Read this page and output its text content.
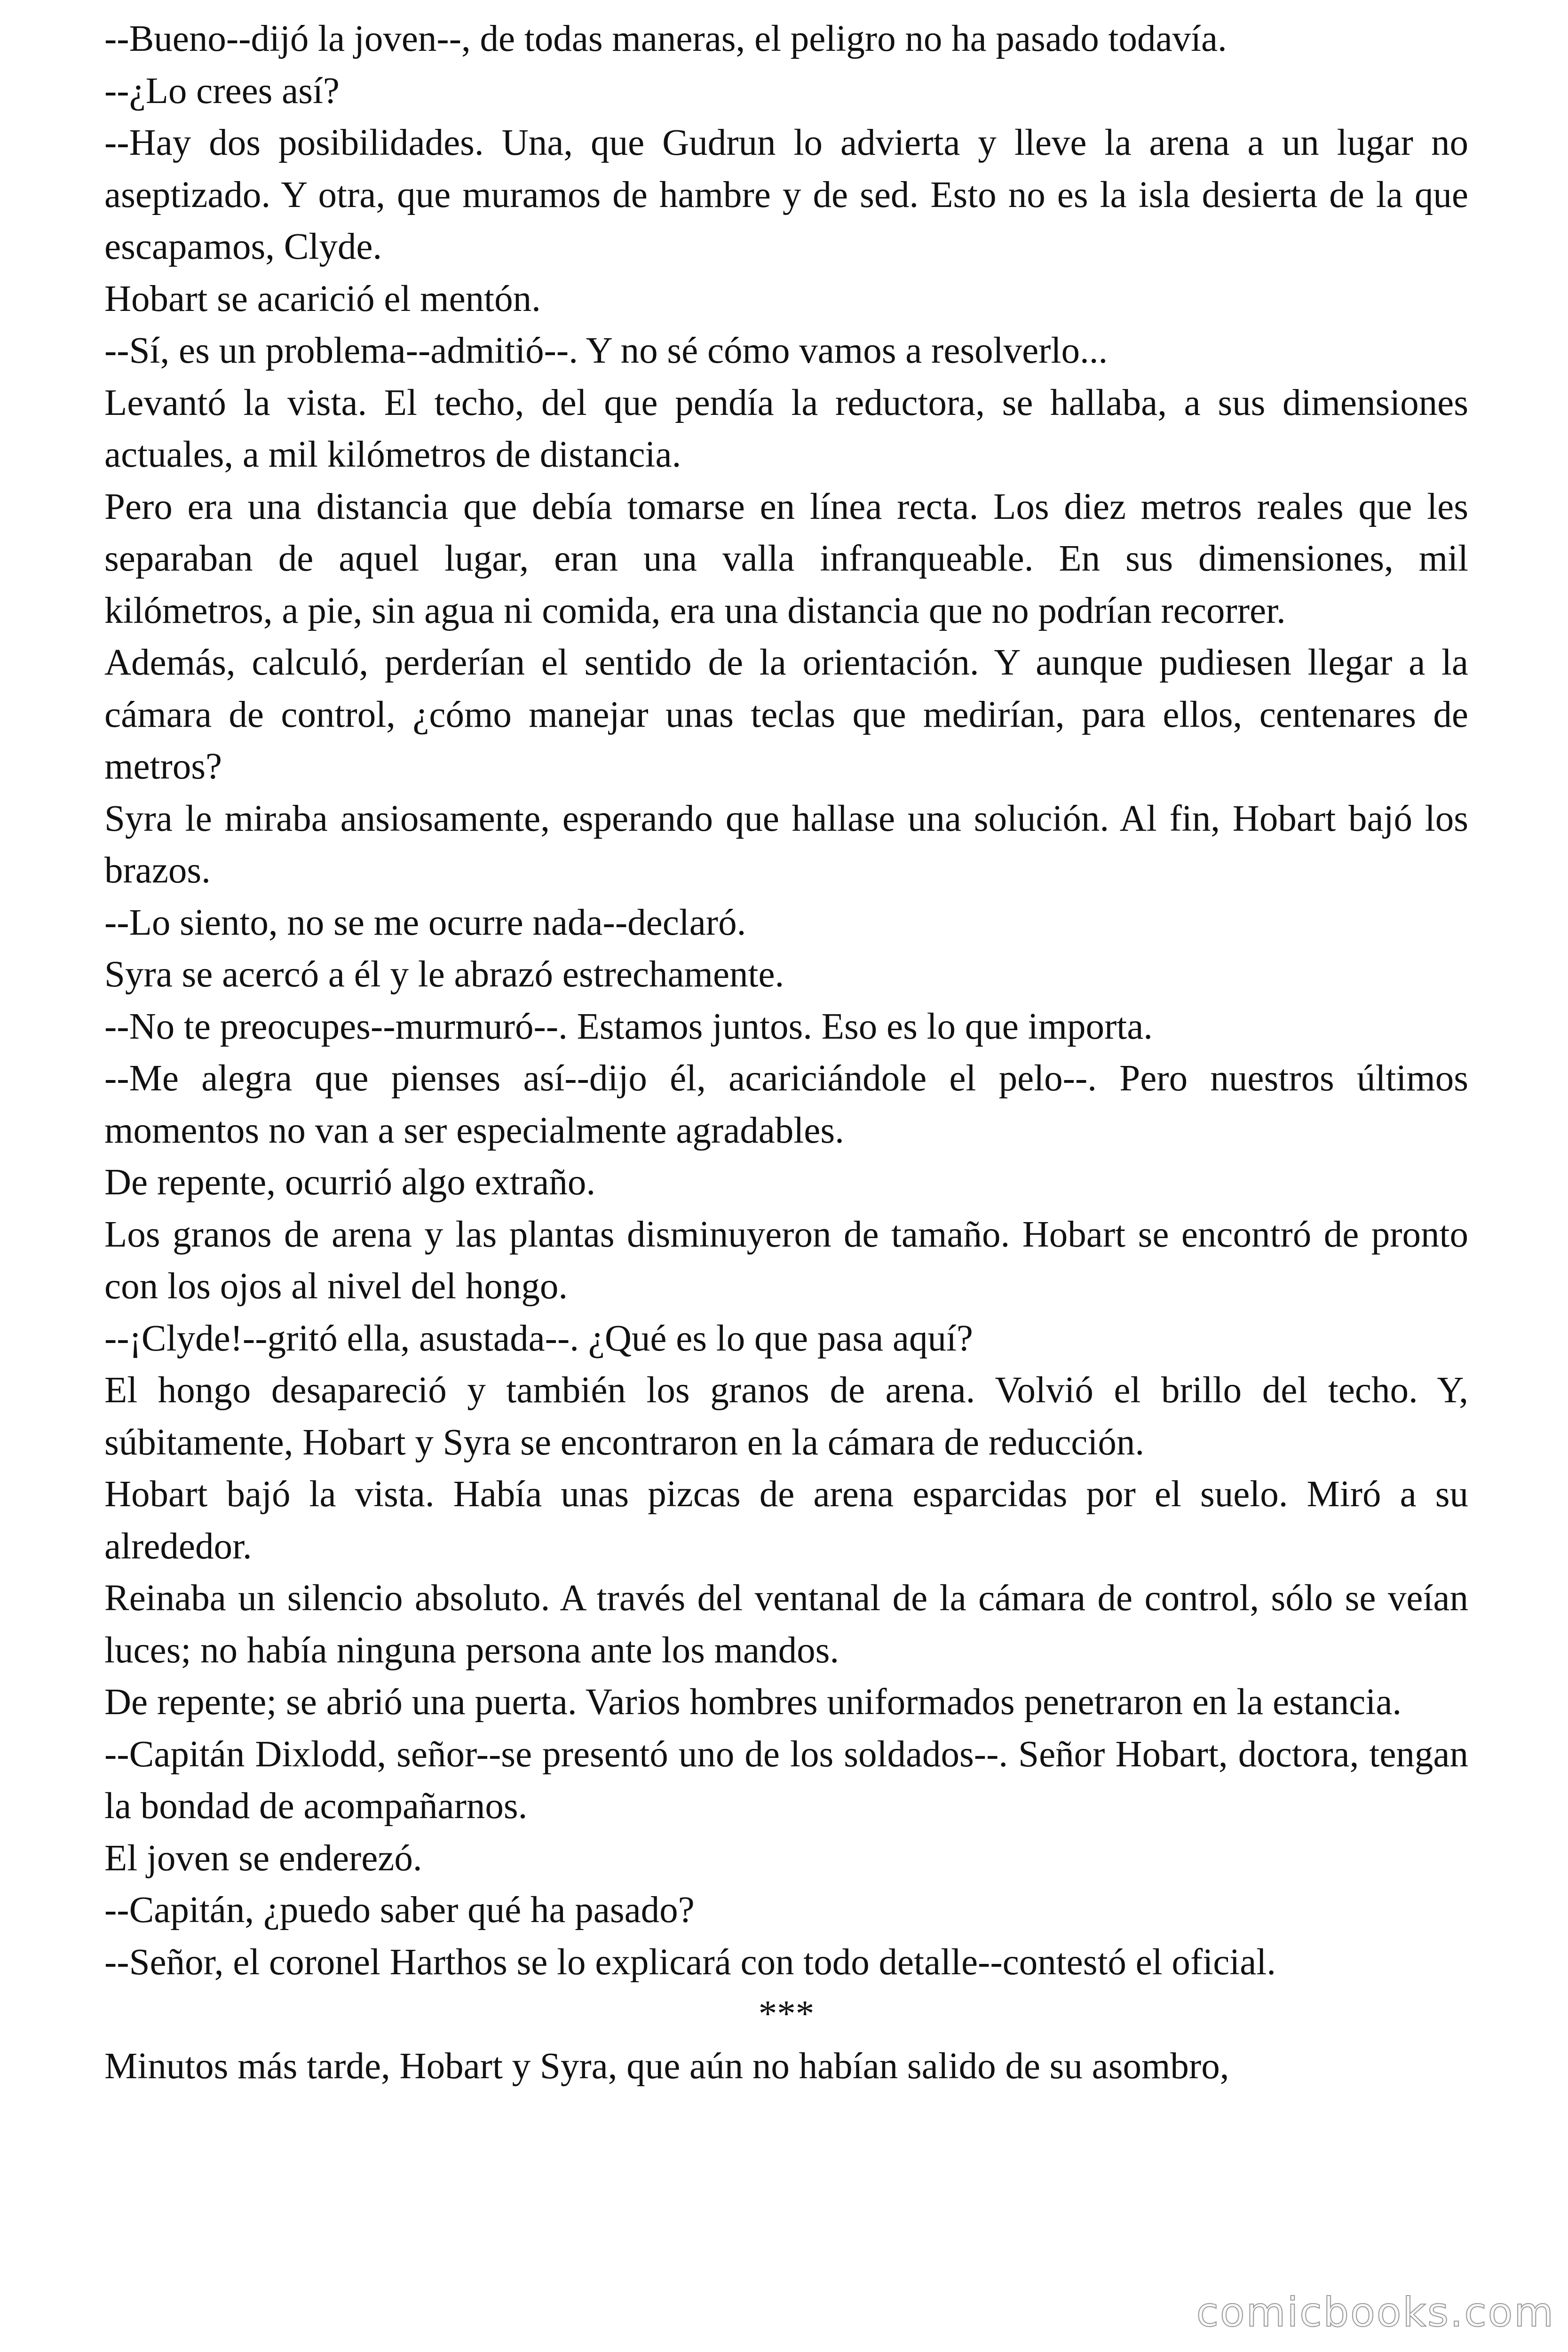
--Bueno--dijó la joven--, de todas maneras, el peligro no ha pasado todavía.

--¿Lo crees así?

--Hay dos posibilidades. Una, que Gudrun lo advierta y lleve la arena a un lugar no aseptizado. Y otra, que muramos de hambre y de sed. Esto no es la isla desierta de la que escapamos, Clyde.

Hobart se acarició el mentón.

--Sí, es un problema--admitió--. Y no sé cómo vamos a resolverlo...

Levantó la vista. El techo, del que pendía la reductora, se hallaba, a sus dimensiones actuales, a mil kilómetros de distancia.

Pero era una distancia que debía tomarse en línea recta. Los diez metros reales que les separaban de aquel lugar, eran una valla infranqueable. En sus dimensiones, mil kilómetros, a pie, sin agua ni comida, era una distancia que no podrían recorrer.

Además, calculó, perderían el sentido de la orientación. Y aunque pudiesen llegar a la cámara de control, ¿cómo manejar unas teclas que medirían, para ellos, centenares de metros?

Syra le miraba ansiosamente, esperando que hallase una solución. Al fin, Hobart bajó los brazos.

--Lo siento, no se me ocurre nada--declaró.

Syra se acercó a él y le abrazó estrechamente.

--No te preocupes--murmuró--. Estamos juntos. Eso es lo que importa.

--Me alegra que pienses así--dijo él, acariciándole el pelo--. Pero nuestros últimos momentos no van a ser especialmente agradables.

De repente, ocurrió algo extraño.

Los granos de arena y las plantas disminuyeron de tamaño. Hobart se encontró de pronto con los ojos al nivel del hongo.

--¡Clyde!--gritó ella, asustada--. ¿Qué es lo que pasa aquí?

El hongo desapareció y también los granos de arena. Volvió el brillo del techo. Y, súbitamente, Hobart y Syra se encontraron en la cámara de reducción.

Hobart bajó la vista. Había unas pizcas de arena esparcidas por el suelo. Miró a su alrededor.

Reinaba un silencio absoluto. A través del ventanal de la cámara de control, sólo se veían luces; no había ninguna persona ante los mandos.

De repente; se abrió una puerta. Varios hombres uniformados penetraron en la estancia.

--Capitán Dixlodd, señor--se presentó uno de los soldados--. Señor Hobart, doctora, tengan la bondad de acompañarnos.

El joven se enderezó.

--Capitán, ¿puedo saber qué ha pasado?

--Señor, el coronel Harthos se lo explicará con todo detalle--contestó el oficial.

***

Minutos más tarde, Hobart y Syra, que aún no habían salido de su asombro,

comicbooks.com
